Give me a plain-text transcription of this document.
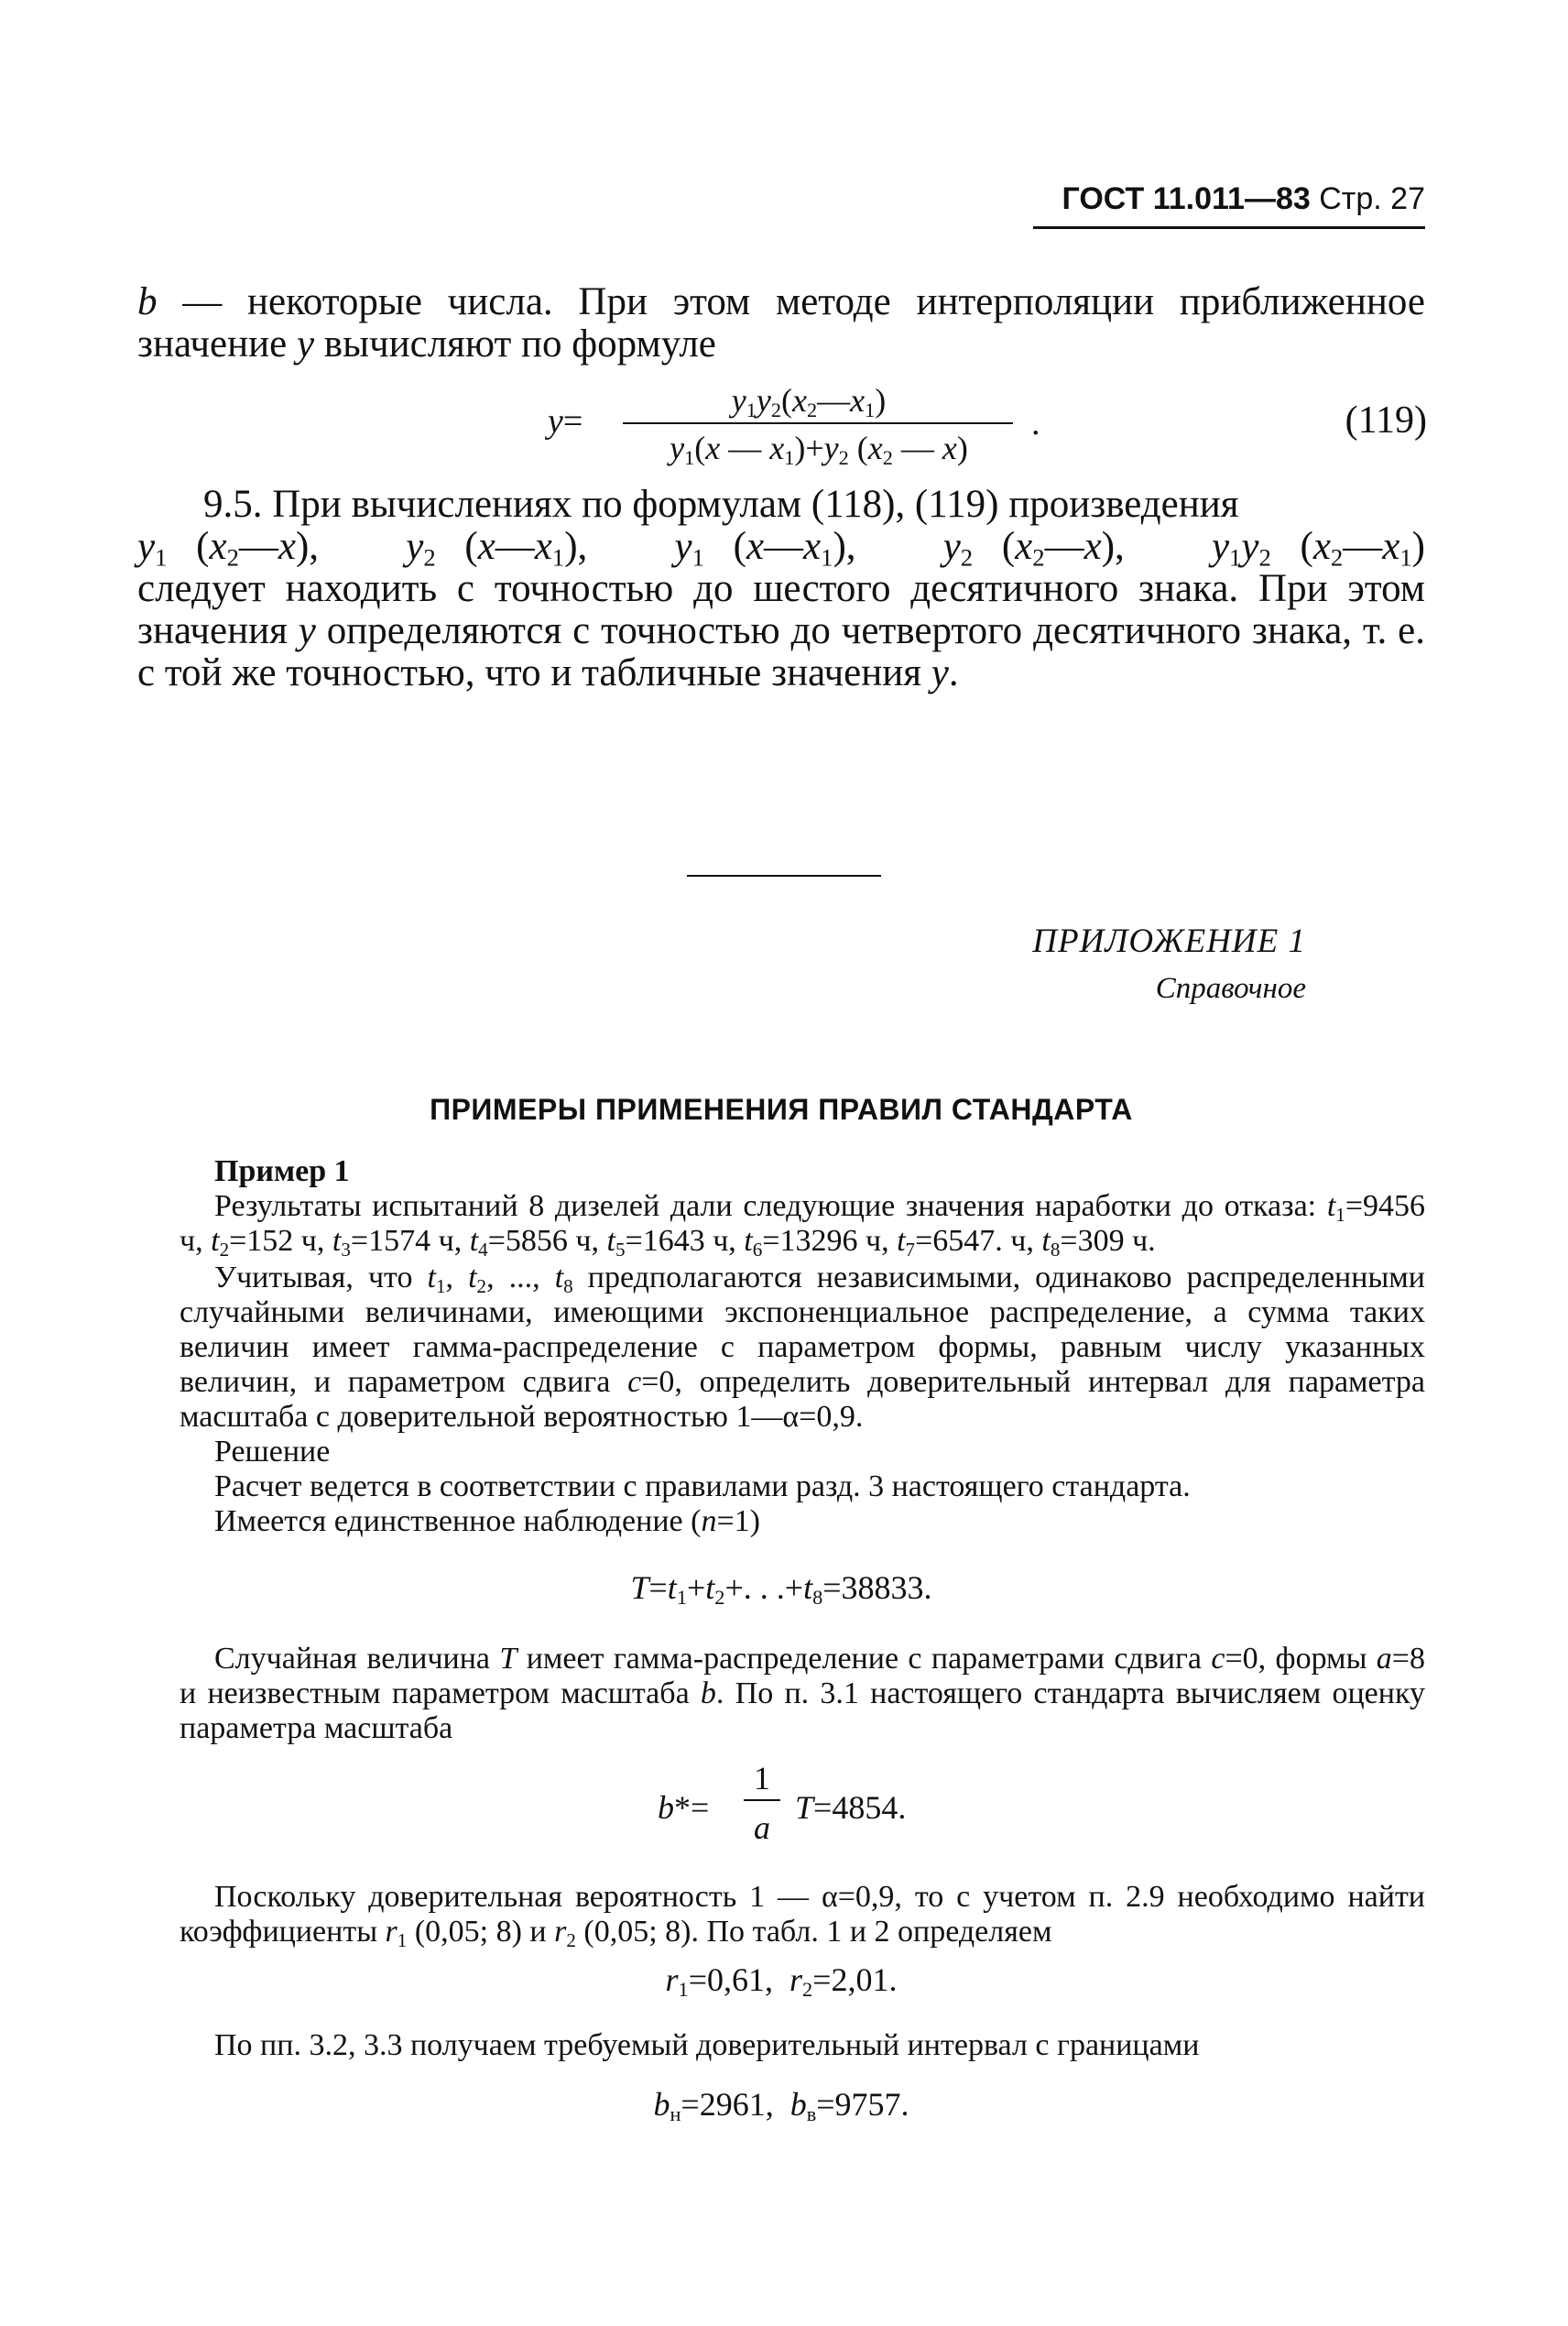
ГОСТ 11.011—83 Стр. 27

b — некоторые числа. При этом методе интерполяции приближенное значение y вычисляют по формуле

y=
$y_1y_2(x_2—x_1)$
$y_1(x$ — $x_1)+y_2$ ($x_2$ — x)
.	(119)

9.5. При вычислениях по формулам (118), (119) произведения

$y_1$ $(x_2—x)$,   $y_2$ $(x—x_1)$,   $y_1$ $(x—x_1)$,   $y_2$ $(x_2—x)$,   $y_1y_2$ $(x_2—x_1)$

следует находить с точностью до шестого десятичного знака. При этом значения y определяются с точностью до четвертого десятичного знака, т. е. с той же точностью, что и табличные значения y.

ПРИЛОЖЕНИЕ 1
Справочное
ПРИМЕРЫ ПРИМЕНЕНИЯ ПРАВИЛ СТАНДАРТА

Пример 1

Результаты испытаний 8 дизелей дали следующие значения наработки до отказа: $t_1=9456$ ч, $t_2=152$ ч, $t_3=1574$ ч, $t_4=5856$ ч, $t_5=1643$ ч, $t_6=13296$ ч, $t_7=6547$. ч, $t_8=309$ ч.

Учитывая, что $t_1$, $t_2$, ..., $t_8$ предполагаются независимыми, одинаково распределенными случайными величинами, имеющими экспоненциальное распределение, а сумма таких величин имеет гамма-распределение с параметром формы, равным числу указанных величин, и параметром сдвига c=0, определить доверительный интервал для параметра масштаба с доверительной вероятностью 1—α=0,9.

Решение

Расчет ведется в соответствии с правилами разд. 3 настоящего стандарта.

Имеется единственное наблюдение (n=1)

$T=t_1+t_2+$. . $.+t_8=38833$.

Случайная величина T имеет гамма-распределение с параметрами сдвига c=0, формы a=8 и неизвестным параметром масштаба b. По п. 3.1 настоящего стандарта вычисляем оценку параметра масштаба

b*=
1
a
T=4854.

Поскольку доверительная вероятность 1 — α=0,9, то с учетом п. 2.9 необходимо найти коэффициенты $r_1$ (0,05; 8) и $r_2$ (0,05; 8). По табл. 1 и 2 определяем

$r_1=0,61$, $r_2=2,01$.

По пп. 3.2, 3.3 получаем требуемый доверительный интервал с границами

$b_н=2961$, $b_в=9757$.
